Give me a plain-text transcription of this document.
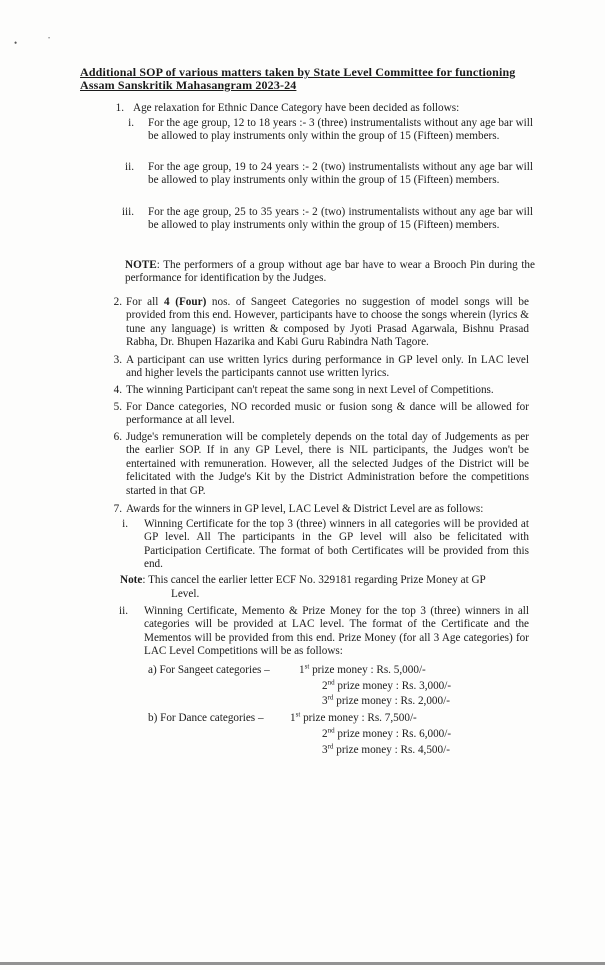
•	•
Additional SOP of various matters taken by State Level Committee for functioning Assam Sanskritik Mahasangram 2023-24
1. Age relaxation for Ethnic Dance Category have been decided as follows:
i. For the age group, 12 to 18 years :- 3 (three) instrumentalists without any age bar will be allowed to play instruments only within the group of 15 (Fifteen) members.
ii. For the age group, 19 to 24 years :- 2 (two) instrumentalists without any age bar will be allowed to play instruments only within the group of 15 (Fifteen) members.
iii. For the age group, 25 to 35 years :- 2 (two) instrumentalists without any age bar will be allowed to play instruments only within the group of 15 (Fifteen) members.
NOTE: The performers of a group without age bar have to wear a Brooch Pin during the performance for identification by the Judges.
2. For all 4 (Four) nos. of Sangeet Categories no suggestion of model songs will be provided from this end. However, participants have to choose the songs wherein (lyrics & tune any language) is written & composed by Jyoti Prasad Agarwala, Bishnu Prasad Rabha, Dr. Bhupen Hazarika and Kabi Guru Rabindra Nath Tagore.
3. A participant can use written lyrics during performance in GP level only. In LAC level and higher levels the participants cannot use written lyrics.
4. The winning Participant can't repeat the same song in next Level of Competitions.
5. For Dance categories, NO recorded music or fusion song & dance will be allowed for performance at all level.
6. Judge's remuneration will be completely depends on the total day of Judgements as per the earlier SOP. If in any GP Level, there is NIL participants, the Judges won't be entertained with remuneration. However, all the selected Judges of the District will be felicitated with the Judge's Kit by the District Administration before the competitions started in that GP.
7. Awards for the winners in GP level, LAC Level & District Level are as follows:
i. Winning Certificate for the top 3 (three) winners in all categories will be provided at GP level. All The participants in the GP level will also be felicitated with Participation Certificate. The format of both Certificates will be provided from this end.
Note: This cancel the earlier letter ECF No. 329181 regarding Prize Money at GP
Level.
ii. Winning Certificate, Memento & Prize Money for the top 3 (three) winners in all categories will be provided at LAC level. The format of the Certificate and the Mementos will be provided from this end. Prize Money (for all 3 Age categories) for LAC Level Competitions will be as follows:
a) For Sangeet categories –	1st prize money : Rs. 5,000/-
2nd prize money : Rs. 3,000/-
3rd prize money : Rs. 2,000/-
b) For Dance categories – 1st prize money : Rs. 7,500/-
2nd prize money : Rs. 6,000/-
3rd prize money : Rs. 4,500/-
